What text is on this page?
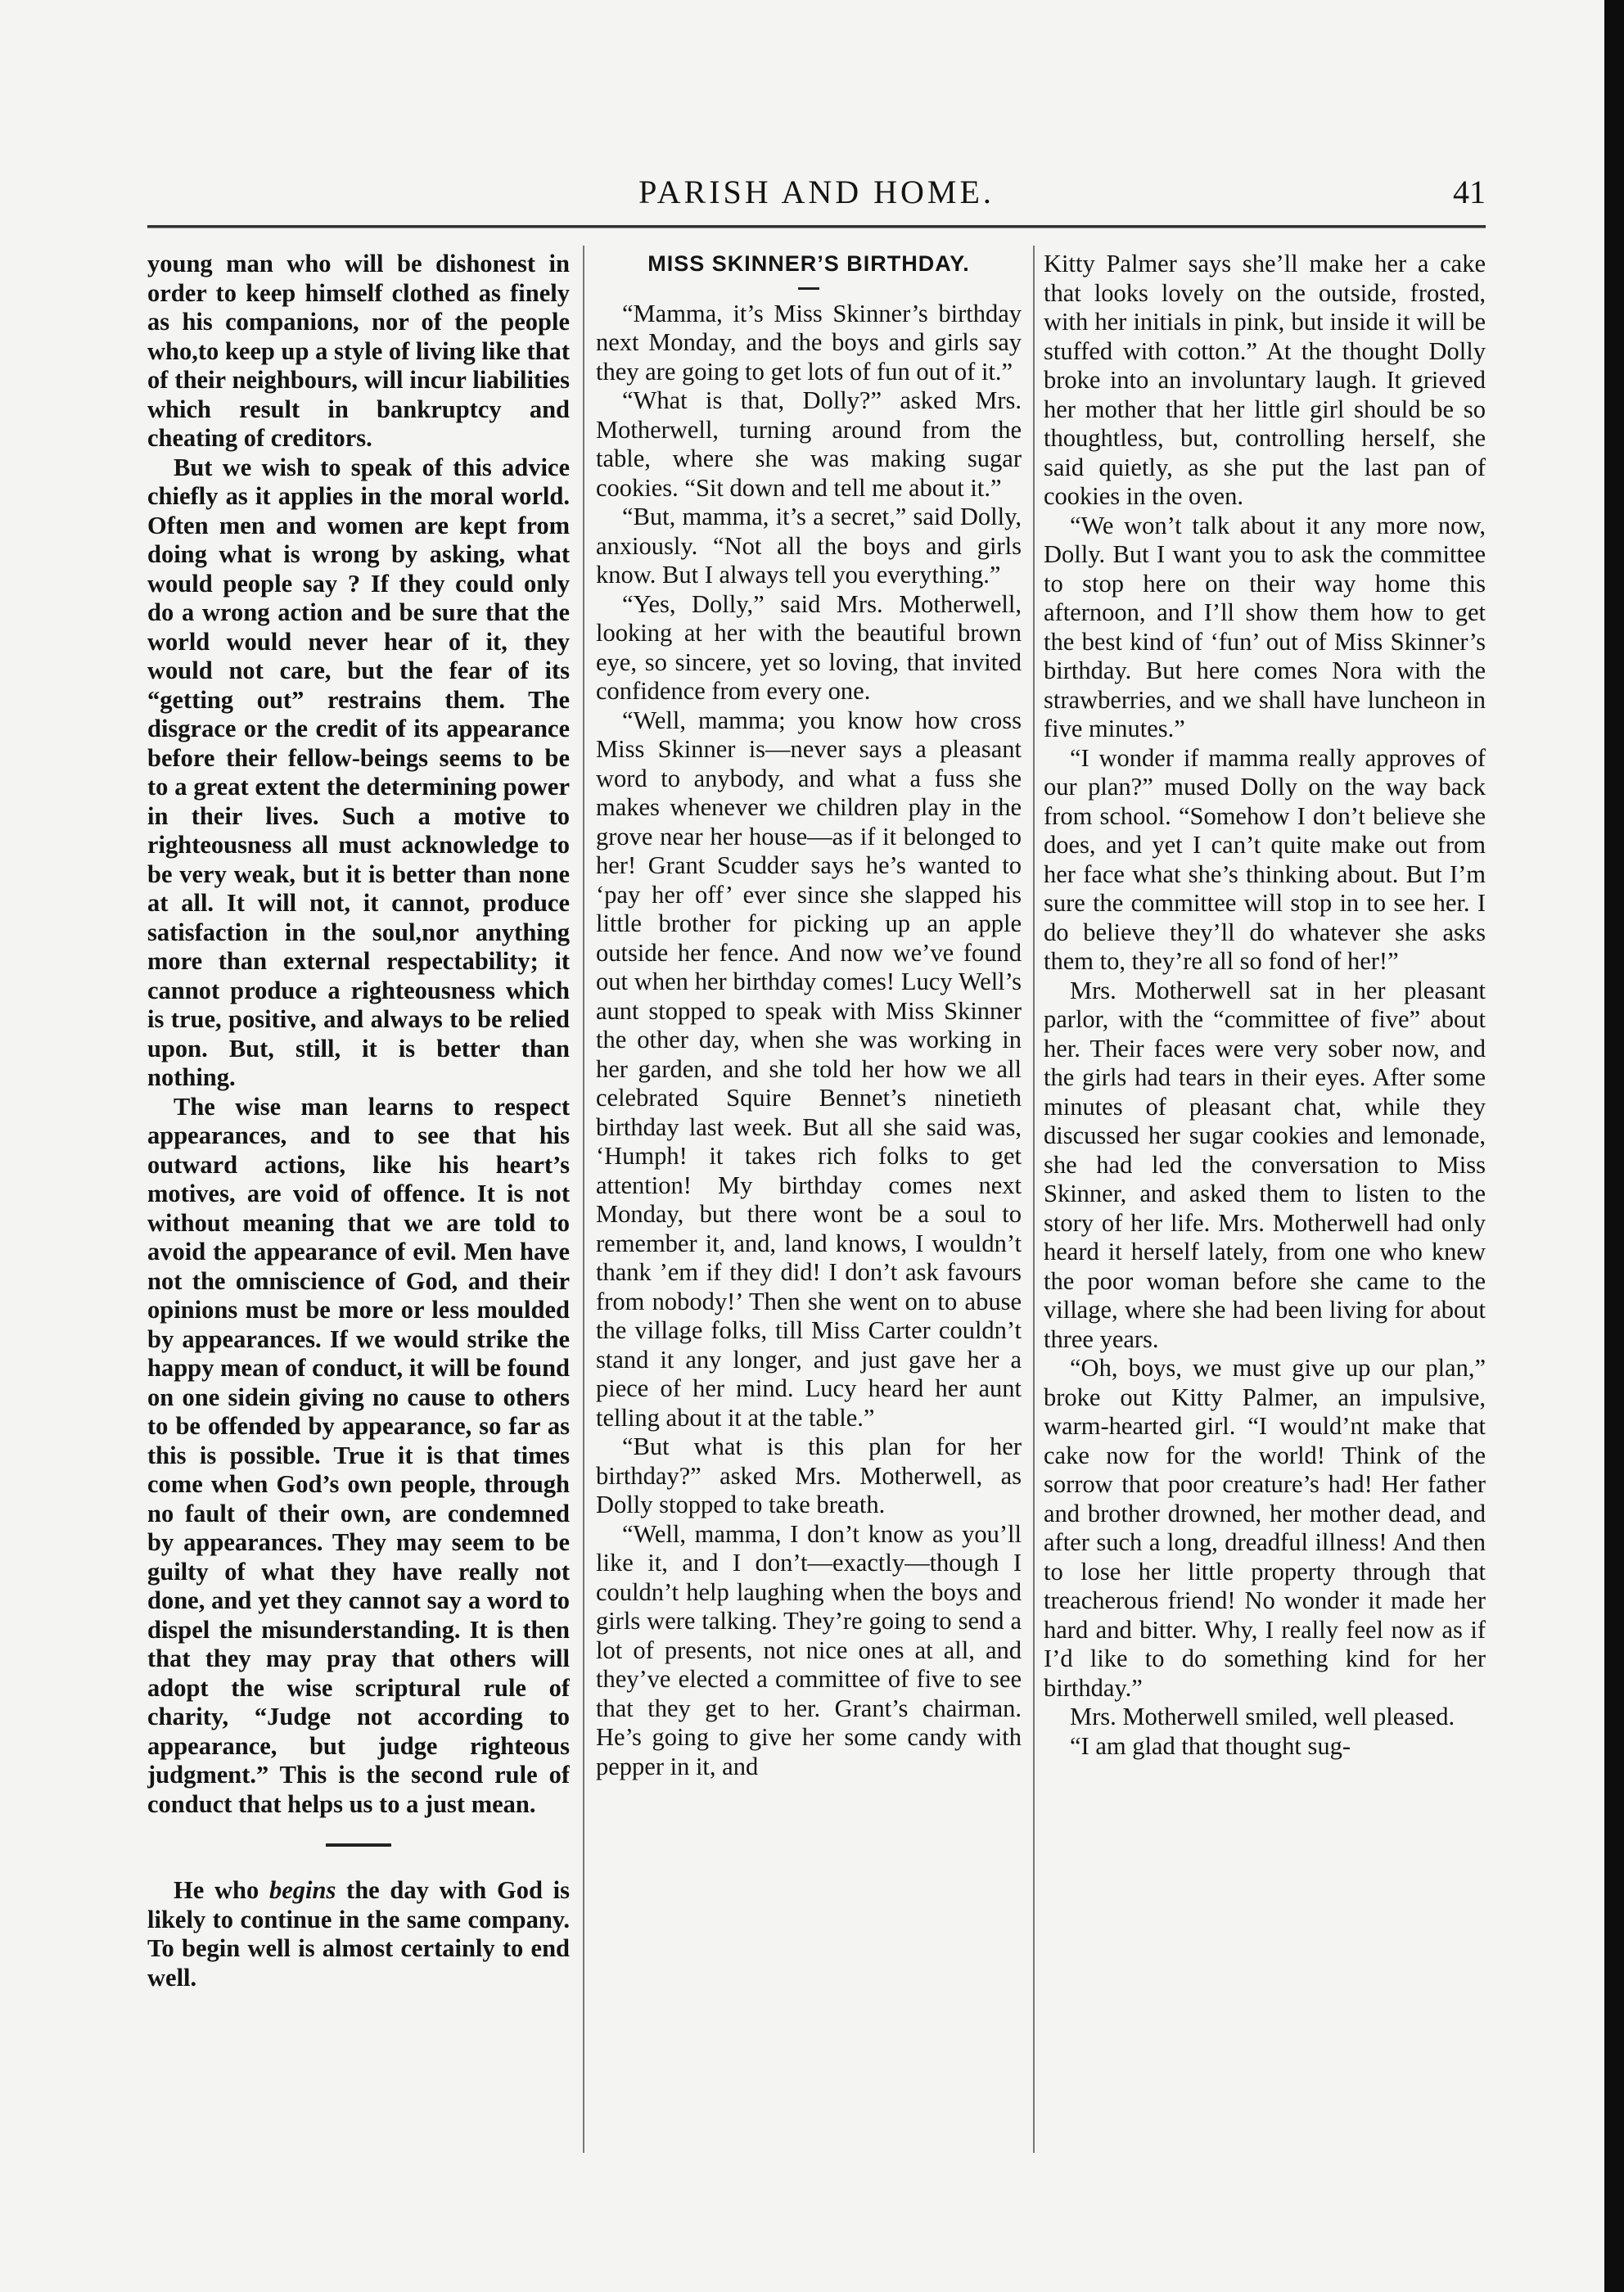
PARISH AND HOME.	41

young man who will be dishonest in order to keep himself clothed as finely as his companions, nor of the people who,to keep up a style of living like that of their neighbours, will incur liabilities which result in bankruptcy and cheating of creditors.

But we wish to speak of this advice chiefly as it applies in the moral world. Often men and women are kept from doing what is wrong by asking, what would people say ? If they could only do a wrong action and be sure that the world would never hear of it, they would not care, but the fear of its “getting out” restrains them. The disgrace or the credit of its appearance before their fellow-beings seems to be to a great extent the determining power in their lives. Such a motive to righteousness all must acknowledge to be very weak, but it is better than none at all. It will not, it cannot, produce satisfaction in the soul,nor anything more than external respectability; it cannot produce a righteousness which is true, positive, and always to be relied upon. But, still, it is better than nothing.

The wise man learns to respect appearances, and to see that his outward actions, like his heart’s motives, are void of offence. It is not without meaning that we are told to avoid the appearance of evil. Men have not the omniscience of God, and their opinions must be more or less moulded by appearances. If we would strike the happy mean of conduct, it will be found on one sidein giving no cause to others to be offended by appearance, so far as this is possible. True it is that times come when God’s own people, through no fault of their own, are condemned by appearances. They may seem to be guilty of what they have really not done, and yet they cannot say a word to dispel the misunderstanding. It is then that they may pray that others will adopt the wise scriptural rule of charity, “Judge not according to appearance, but judge righteous judgment.” This is the second rule of conduct that helps us to a just mean.

He who begins the day with God is likely to continue in the same company. To begin well is almost certainly to end well.

MISS SKINNER’S BIRTHDAY.

“Mamma, it’s Miss Skinner’s birthday next Monday, and the boys and girls say they are going to get lots of fun out of it.”

“What is that, Dolly?” asked Mrs. Motherwell, turning around from the table, where she was making sugar cookies. “Sit down and tell me about it.”

“But, mamma, it’s a secret,” said Dolly, anxiously. “Not all the boys and girls know. But I always tell you everything.”

“Yes, Dolly,” said Mrs. Motherwell, looking at her with the beautiful brown eye, so sincere, yet so loving, that invited confidence from every one.

“Well, mamma; you know how cross Miss Skinner is—never says a pleasant word to anybody, and what a fuss she makes whenever we children play in the grove near her house—as if it belonged to her! Grant Scudder says he’s wanted to ‘pay her off’ ever since she slapped his little brother for picking up an apple outside her fence. And now we’ve found out when her birthday comes! Lucy Well’s aunt stopped to speak with Miss Skinner the other day, when she was working in her garden, and she told her how we all celebrated Squire Bennet’s ninetieth birthday last week. But all she said was, ‘Humph! it takes rich folks to get attention! My birthday comes next Monday, but there wont be a soul to remember it, and, land knows, I wouldn’t thank ’em if they did! I don’t ask favours from nobody!’ Then she went on to abuse the village folks, till Miss Carter couldn’t stand it any longer, and just gave her a piece of her mind. Lucy heard her aunt telling about it at the table.”

“But what is this plan for her birthday?” asked Mrs. Motherwell, as Dolly stopped to take breath.

“Well, mamma, I don’t know as you’ll like it, and I don’t—exactly—though I couldn’t help laughing when the boys and girls were talking. They’re going to send a lot of presents, not nice ones at all, and they’ve elected a committee of five to see that they get to her. Grant’s chairman. He’s going to give her some candy with pepper in it, and

Kitty Palmer says she’ll make her a cake that looks lovely on the outside, frosted, with her initials in pink, but inside it will be stuffed with cotton.” At the thought Dolly broke into an involuntary laugh. It grieved her mother that her little girl should be so thoughtless, but, controlling herself, she said quietly, as she put the last pan of cookies in the oven.

“We won’t talk about it any more now, Dolly. But I want you to ask the committee to stop here on their way home this afternoon, and I’ll show them how to get the best kind of ‘fun’ out of Miss Skinner’s birthday. But here comes Nora with the strawberries, and we shall have luncheon in five minutes.”

“I wonder if mamma really approves of our plan?” mused Dolly on the way back from school. “Somehow I don’t believe she does, and yet I can’t quite make out from her face what she’s thinking about. But I’m sure the committee will stop in to see her. I do believe they’ll do whatever she asks them to, they’re all so fond of her!”

Mrs. Motherwell sat in her pleasant parlor, with the “committee of five” about her. Their faces were very sober now, and the girls had tears in their eyes. After some minutes of pleasant chat, while they discussed her sugar cookies and lemonade, she had led the conversation to Miss Skinner, and asked them to listen to the story of her life. Mrs. Motherwell had only heard it herself lately, from one who knew the poor woman before she came to the village, where she had been living for about three years.

“Oh, boys, we must give up our plan,” broke out Kitty Palmer, an impulsive, warm-hearted girl. “I would’nt make that cake now for the world! Think of the sorrow that poor creature’s had! Her father and brother drowned, her mother dead, and after such a long, dreadful illness! And then to lose her little property through that treacherous friend! No wonder it made her hard and bitter. Why, I really feel now as if I’d like to do something kind for her birthday.”

Mrs. Motherwell smiled, well pleased.

“I am glad that thought sug-
